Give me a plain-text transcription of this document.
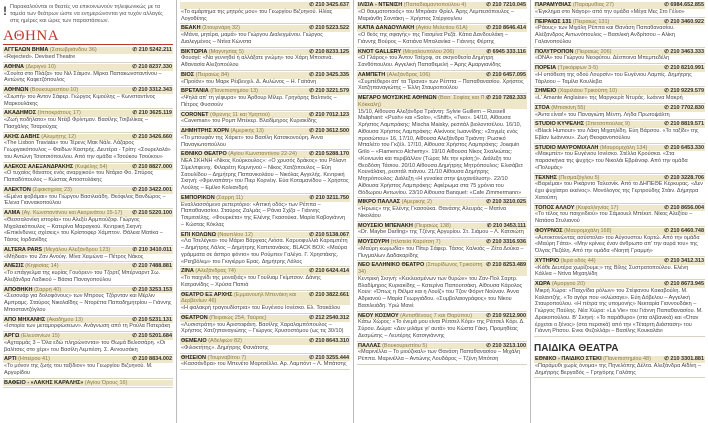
! Παρακαλούνται οι θεατές να επικοινωνούν τηλεφωνικώς με τα ταμεία των θεάτρων ώστε να ενημερώνονται για τυχόν αλλαγές στις ημέρες και ώρες των παραστάσεων.
ΑΘΗΝΑ
✆ 210 5242.211
ΑΓΓΕΛΩΝ ΒΗΜΑ (Σατωβριάνδου 36)
«Rejected». Devised Theatre
✆ 210 8237.330
ΑΘΗΝΑ (Δεριγνύ 10)
«Σουίτα στο Πλάζα» του Νιλ Σάιμον. Μίρκα Παπακωνσταντίνου – Αντώνης Καφετζόπουλος
✆ 210 3312.343
ΑΘΗΝΩΝ (Βουκουρεστίου 10)
«Σιωπή» του Αντον Σάφερ. Γιώργος Κιμούλης – Κωνσταντίνος Μαρκουλάκης
✆ 210 3625.119
ΑΚΑΔΗΜΟΣ (Ιπποκράτους 17)
«Ζωή ποδήλατο» του Ντέιβ Φρίντμαν. Βασίλης Τσιβιλίκας – Πασχάλης Τσαρούχας
✆ 210 3426.660
ΑΚΗΣ ΔΑΒΗΣ (Αλυμήτης 12)
«The Lisbon Traviata» του Τέρενς Μακ Νάλι. Λάζαρος Γεωργακόπουλος – Φαίδων Καστρής. Δευτέρα - Τρίτη: «Σουρελαλά» του Αντώνη Τσιοτσιόπουλου. Από την ομάδα «Τσούκου Τσούκου»
✆ 210 8827.000
ΑΛΕΚΟΣ ΑΛΕΞΑΝΔΡΑΚΗΣ (Κυψέλης 54)
«Ο τυχαίος θάνατος ενός αναρχικού» του Ντάριο Φο. Σπύρος Παπαδόπουλος – Κώστας Αποστολάκης
✆ 210 3422.001
ΑΛΕΚΤΟΝ (Σφακτηρίας 23)
«Εμένα φοβάμαι» του Γιώργου Βασιλειάδη. Θεόφιλος Βανδώρος – Έλενα Γιαννακοπούλου
✆ 210 5220.100
ΑΛΜΑ (Αγ. Κωνσταντίνου και Ακομινάτου 15-17)
«Θεσσαλονίκη ιστορία» του Αλεξέι Αρμπούζοφ. Γιώργος Μιχαλακόπουλος – Κατερίνα Μαραγκού. Κεντρική Σκηνή: «Επικίνδυνες σχέσεις» του Κρίστοφερ Χάμπτον. Θάλεια Ματίκα – Τάσος Ιορδανίδης
✆ 210 3410.011
ALTERA PARS (Μεγάλου Αλεξάνδρου 123)
«Μήδεια» του Ζαν Ανούιγ. Μίνα Χειμώνα – Πέτρος Νάκος
✆ 210 7488.881
ΑΝΕΣΙΣ (Κηφισίας 14)
«Το επάγγελμα της κυρίας Γουόρεν» του Τζορτζ Μπέρναρντ Σω. Αλεξάνδρα Λαδικού – Βάσια Παναγοπούλου
✆ 210 3253.153
ΑΠΟΘΗΚΗ (Σαρρή 40)
«Σεσουάρ για δολοφόνους» των Μπρους Τζόρνταν και Μέρλιν Αμπραμς. Σταύρος Νικολαΐδης – Ντορέττα Παπαδημητρίου – Γιάννης Μποσταντζόγλου
✆ 210 5231.131
ΑΠΟ ΜΗΧΑΝΗΣ (Ακαδήμου 13)
«Ιστορία των μεταμορφώσεων». Ανάγνωση από τη Ρούλα Πατεράκη
✆ 210 5201.684
ΑΡΓΩ (Ελευσινίων 15)
«Αχταρμάς 3 – Όλα εδώ πληρώνονται» του Θωμά Βελισσάρη. «Οι βαλίτσες στο χέρι» του Βασίλη Λεμπέση. Σ. Αννουσάκη
✆ 210 8834.002
ΑΡΤΙ (Ηπείρου 41)
«Το μόνον της ζωής του ταξίδιον» του Γεωργίου Βιζυηνού. Μ. Αργυρίδου
ΒΑΦΕΙΟ - «ΛΑΚΗΣ ΚΑΡΑΛΗΣ» (Αγίου Όρους 16)
✆ 210 3425.637
«Το αμάρτημα της μητρός μου» του Γεωργίου Βιζυηνού. Ηλίας Λογοθέτης
✆ 210 5223.522
ΒΕΑΚΗ (Στουρνάρη 32)
«Μάνα, μητέρα, μαμά» του Γιώργου Διαλεγμένου. Γιώργος Διαλεγμένος – Ντίνα Κώνστα
✆ 210 8233.125
ΒΙΚΤΩΡΙΑ (Μαγνησίας 5)
Φουαγέ: «Να γεννηθεί ή αλλάξατε γνώμη» του Χάρη Μποσινά. Αθανασία Αλεξοπούλου
✆ 210 3425.335
ΒΙΟΣ (Πειραιώς 84)
«Προίόν» του Μαρκ Ρέιβενχιλ. Δ. Αυλώνος – Η. Γαϊτάνη
✆ 210 3221.579
ΒΡΕΤΑΝΙΑ (Πανεπιστημίου 13)
«Ψηλά απ' τη γέφυρα» του Άρθουρ Μίλερ. Γρηγόρης Βαλτινός – Πέτρος Φυσσούν
✆ 210 7012.123
CORONET (Φρύνης 11 και Υμηττού)
«Caveman» του Ρομπ Μπέκερ. Βλαδίμηρος Κυριακίδης
✆ 210 3612.500
ΔΗΜΗΤΡΗΣ ΧΟΡΝ (Αμερικής 13)
«Το μπουφάν της Χάριετ» του Βασίλη Κατσικονούρη. Άννα Παναγιωτοπούλου
✆ 210 5288.170
ΕΘΝΙΚΟ ΘΕΑΤΡΟ (Αγίου Κωνσταντίνου 22-24)
ΝΕΑ ΣΚΗΝΗ «Νίκος Κούρκουλος»: «Ο χρυσός δράκος» του Ρόλαντ Σίμελπφενιχ. Φιλαρέτη Κομνηνού – Νίκος Χατζόπουλος – Εύη Σαουλίδου – Δημήτρης Παπανικολάου – Νικόλας Αγγελής. Κεντρική Σκηνή: «Φρεναπάτη» του Πιερ Κορνέιγ. Εύα Κοταμανίδου – Χρήστος Λούλης – Εμίλιο Κολιανδρή
✆ 210 3211.750
ΕΜΠΟΡΙΚΟΝ (Σαρρή 11)
Εναλλασσόμενο ρεπερτόριο: «Αττική οδός» των Ρέππα – Παπαθανασίου. Σταύρος Ζαλμάς – Ράνια Σχίζα – Γιάννης Τσιμιτσέλης. «Φουρκέτα» της Ελένης Γκασούκα. Μαρία Καβογιάννη – Κώστας Κόκλας
✆ 210 5138.067
ΕΠΙ ΚΟΛΩΝΩ (Ναυπλίου 12)
«Λα Τσελέγκα» του Μάριο Βάργκας Λιόσα. Καρυοφυλλιά Καραμπέτη – Δημήτρης Λάλος – Δημήτρης Καπετανάκος. BLACK BOX: «Μαύρα γράμματα σε άσπρο φόντο» του Ρούμπεν Γαλέγο. Γ. Χρηστάκης. «Ρεηβόλεμ» του Γκιγιέρμο Ερας. Δημήτρης Λάλος
✆ 210 6424.414
ΖΙΝΑ (Αλεξάνδρας 74)
«Το παιχνίδι της μοναξιάς» του Γουίλιαμ Γκίμπσον. Δάνης Κατρανίδης – Χρύσα Παπιά
✆ 210 3822.661
ΘΕΑΤΡΟ ΕΞ ΑΡΧΗΣ (Εμμανουήλ Μπενάκη και Δερβενίων 46)
«Η φαλακρή τραγουδίστρια» του Ευγένιου Ιονέσκο. Ελ. Τσακάλου
✆ 212 2540.312
ΘΕΑΤΡΟΝ (Πειραιώς 254, Ταύρος)
«Λυσιστράτη» του Αριστοφάνη. Βασίλης Χαραλαμπόπουλος – Χρήστος Χατζηπαναγιώτης – Γιώργος Χρυσοστόμου (ως τις 30/10)
✆ 210 8643.310
ΘΕΜΕΛΙΟ (Αδελφών 82)
«Φιλοκτήτης». Δημήτρης Φανιάτσης
✆ 210 3255.444
ΘΗΣΕΙΟΝ (Τουρναβίτου 7)
«Κασσάνδρα» του Μπενέτο Μαρτσέλλο. Αρ. Λαμπόντ – Λ. Μπάτσης
✆ 210 7210.045
ΙΛΙΣΙΑ - ΝΤΕΝΙΣΗ (Παπαδιαμαντοπούλου 4)
«Ο θαυματοποιός» του Μπράιαν Φρίελ. Άρης Λεμπεσόπουλος – Μαριάνθη Σοντάκη – Χρήστος Στέργιογλου
✆ 210 8646.414
ΚΑΤΙΑ ΔΑΝΔΟΥΛΑΚΗ (Αγίου Μελετίου 61Α)
«Ο θεός της σφαγής» της Γιασμίνα Ρεζά. Κάτια Δανδουλάκη – Γιάννης Βούρος – Κατιάνα Μπαλανίκα – Γιάννης Φέρτης
✆ 6945 333.116
KNOT GALLERY (Μεγαλουπόλου 206)
«Ο Γλάρος» του Άντον Τσέχοφ, σε σκηνοθεσία Δημήτρη Σανθόπουλου. Αγγελική Παπαθεμελή – Άρης Αμαργιανίδης
✆ 210 6457.095
ΛΑΜΠΕΤΗ (Αλεξάνδρας 106)
«Συμπέθεροι απ' τα Τίρανα» των Ρέππα – Παπαθανασίου. Χρήστος Χατζηπαναγιώτης – Έλλη Σταυροπούλου
✆ 210 7282.333
ΜΕΓΑΡΟ ΜΟΥΣΙΚΗΣ ΑΘΗΝΩΝ (Βασ. Σοφίας και Π. Κόκκαλη)
15/10, Αίθουσα Αλεξάνδρα Τριάντη: Sylvie Guillem – Russell Maliphant: «Push» και «Solo», «Shift», «Two». 14/10, Αίθουσα Χρήστος Λαμπράκης: Mischa Maisky, ρεσιτάλ βιολοντσέλου. 16/10, Αίθουσα Χρήστος Λαμπράκης: Αλκίνοος Ιωαννίδης: «Στιγμές ενός προσώπου» 16, 17/10, Αίθουσα Αλεξάνδρα Τριάντη: Ρωσικό Μπαλέτο του Γκζέλ. 17/10, Αίθουσα Χρήστος Λαμπράκης: Joaquin Grilo – «Flamenco Alchemy». 19/10 Αίθουσα Νίκος Σκαλκώτας: «Κοινωνία και περιβάλλον (Τώρα; Με την κρίση;)». Διάλεξη του Θεοδόση Τάσιου. 20/10 Αίθουσα Δημήτρης Μητρόπουλος: Ελισάβετ Κουνάλάκη, ρεσιτάλ πιάνου. 21/10 Αίθουσα Δημήτρης Μητρόπουλος: Διάλεξη «Η γυναίκα στην ψυχανάλυση». 22/10 Αίθουσα Χρήστος Λαμπράκης: Αφιέρωμα στα 75 χρόνια του Θόδωρου Αντωνίου. 23/10 Αίθουσα Banquet: «Cafe Zimmermann»
✆ 210 3210.025
ΜΙΚΡΟ ΠΑΛΛΑΣ (Αμερικής 2)
«Ήρωες» της Ελένης Γκασούκα. Θανάσης Αλευράς – Ματίνα Νικολάου
✆ 210 3453.111
ΜΟΥΣΕΙΟ ΜΠΕΝΑΚΗ (Πειραιώς 138)
«Dr. Maybe Darling» της Τζένης Αργυρίου. Στ. Σιάμου – Λ. Κατσιώτη
✆ 210 3316.936
ΜΟΥΣΟΥΡΗ (πλατεία Καρύτση 7)
«Μαύρη κωμωδία» του Πίτερ Σάφερ. Τάσος Χαλκιάς – Ζέτα Δούκα – Πυγμαλίων Δαδακαρίδης
✆ 210 8253.489
ΝΕΟ ΕΛΛΗΝΙΚΟ ΘΕΑΤΡΟ (Σπυρίδωνος Τρικούπη 34)
Κεντρική Σκηνή: «Κεκλεισμένων των θυρών» του Ζαν-Πολ Σαρτρ. Βλαδίμηρος Κυριακίδης – Κατερίνα Παπουτσάκη. Αίθουσα Κάρολος Κουν: «Όπως η Θέλμα και η Λουίζ» του Τζον Φόρντ Νούναν. Άννα Αδριανού – Μαρία Γεωργιάδου. «Συμβολαιογράφος» του Νίκου Βασιλειάδη. Υρώ Μανέ
✆ 210 9212.900
ΝΕΟΥ ΚΟΣΜΟΥ (Αντισθένους 7 και Θαρύπου)
Κάτω Χώρος: «Το ένεμά μου είναι Ρέιτσελ Κόρι» της Ρέιτσελ Κόρι. Δ. Σύρου. Δώμα: «Δεν μιλάμε γι' αυτά» του Κώστα Γάκη. Προμηθέας Δεσμώτης – Λευτέρης Κατσιγιάννης
✆ 210 3213.100
ΠΑΛΛΑΣ (Βουκουρεστίου 5)
«Μαρινέλλα – Το μιούζικαλ» των Θανάση Παπαθανασίου – Μιχάλη Ρέππα. Μαρινέλλα – Αντώνης Λουδάρος – Τζένη Μπότση
✆ 6984.652.855
ΠΑΡΑΜΥΘΙΑΣ (Παραμυθίας 27)
«Έγκλημα στο Νάγορ» από την ομάδα «Μέγα Μες Στο Γέλιο»
✆ 210 3460.922
ΠΕΙΡΑΙΩΣ 131 (Πειραιώς 131)
«Ράους» των Μιχάλη Ρέππα και Θανάση Παπαθανασίου. Αλέξανδρος Αντωνόπουλος – Βασιλική Ανδρίτσου – Αλίκη Γαλανοπούλου
✆ 210 3463.333
ΠΟΛΥΤΡΟΠΟΝ (Πειραιώς 206)
«DNA» του Γιώργου Νεοφύτου. Δέσποινα Μπεμπεδέλη
✆ 210 8210.991
ΠΟΡΕΙΑ (Τρικόρφων 3-5)
«Η υπόθεση της οδού Λουρσίν» του Ευγένιου Λαμπίς. Δημήτρης Τάρλοου – Ταμίλα Κουλίεβα
✆ 210 9229.579
ΣΗΜΕΙΟ (Χαριλάου Τρικούπη 10)
«L' Amante Anglaise» της Μαργκερίτ Ντυράς. Ιωάννα Μακρή
✆ 210 7702.830
ΣΤΟΑ (Μπισκίνη 55)
«Άντα είναι!» του Παναγιώτη Μέντη. Λήδα Πρωτοψάλτη
✆ 210 8819.571
STUDIO ΚΥΨΕΛΗΣ (Σπετσοπούλας 9)
«Black Humour» του Λάκη Μιχαηλίδη. Εύη Βάρσου. «Το ταξίδι» της Εβίαν Ιωάννου». Ζωή Θεοφανοπούλου
✆ 210 6453.330
STUDIO ΜΑΥΡΟΜΙΧΑΛΗ (Μαυρομιχάλη 134)
«Μακμπέτ» του Ευγένιου Ιονέσκο. Στέλλα Κρούσκα. «Στα παρασκήνια της ψυχής» του Νικολάι Εβρέινοφ. Από την ομάδα «Πολυμάς»
✆ 210 3228.706
ΤΕΧΝΗΣ (Πεσμαζόγλου 5)
«Βαριέμαι» του Ρικάρντο Ταλεσνίκ. Από το ΔΗΠΕΘΕ Κέρκυρας. «Δεν έχει ψυχίατρο εκείνος». Μονόλογος της Γερτρούδης Στάιν. Δήμητρα Χατούπη
✆ 210 8656.004
ΤΟΠΟΣ ΑΛΛΟΥ (Κεφαλληνίας 17)
«Το τέλος του παιχνιδιού» του Σάμιουελ Μπέκετ. Νίκος Αλεξίου – Νατάσα Στυλιανού
✆ 210 6460.748
ΦΟΥΡΝΟΣ (Μαυρομιχάλη 168)
«Αυτοκτονώντας ασύστολα» του Αύγουστου Κορτώ. Από την ομάδα «Μαύρη Γάτα». «Μην κρίνεις έναν άνθρωπο απ' την αυρά του» της Όλγας Πεζάλη. Από την ομάδα «Νοητή Γραμμή»
✆ 210 3412.313
ΧΥΤΗΡΙΟ (Ιερά οδός 44)
«Κάθε Δευτέρα χωρίζουμε;» της Βίλης Συστρατοπούλου. Ελένη Κάλλια – Ντίνα Μιχαηλίδη
✆ 210 8673.945
ΧΩΡΑ (Αμοργού 20)
Μικρή Χώρα: «Παιχνίδια ρόλων» του Στέφανου Κακαβούλη. Μ. Καλαντζής. «Το αγόρι που «κλώσαγε». Εύη Δόβελου – Αγγελική Σταυροπούλου. «Η πέτρα της υπομονής» Νεκταρία Γιαννουδάκη – Γιώργος Παύλης. Νέα Χώρα: «La Vie» του Γιάννη Παπαθανασίου. Μ. Δρακοπούλου. Β' Σκηνή: «Το παράθυρο» (στα αλβανικά) και «Όταν έρχεται ο ξένος» (στα περσικά) από την «Τέταρτη Διάσταση» του Γιάννη Ρίτσου. Ενκε Φεζολλάρι – Βασίλης Κουκαλάνι
ΠΑΙΔΙΚΑ ΘΕΑΤΡΑ
✆ 210 3301.881
ΕΘΝΙΚΟ - ΠΑΙΔΙΚΟ ΣΤΕΚΙ (Πανεπιστημίου 48)
«Παράμυθι χωρίς όνομα» της Πηνελόπης Δέλτα. Αλεξάνδρα Αϊδίνη – Δημήτρης Βεργαδός – Γρηγόρης Γαλάτης
